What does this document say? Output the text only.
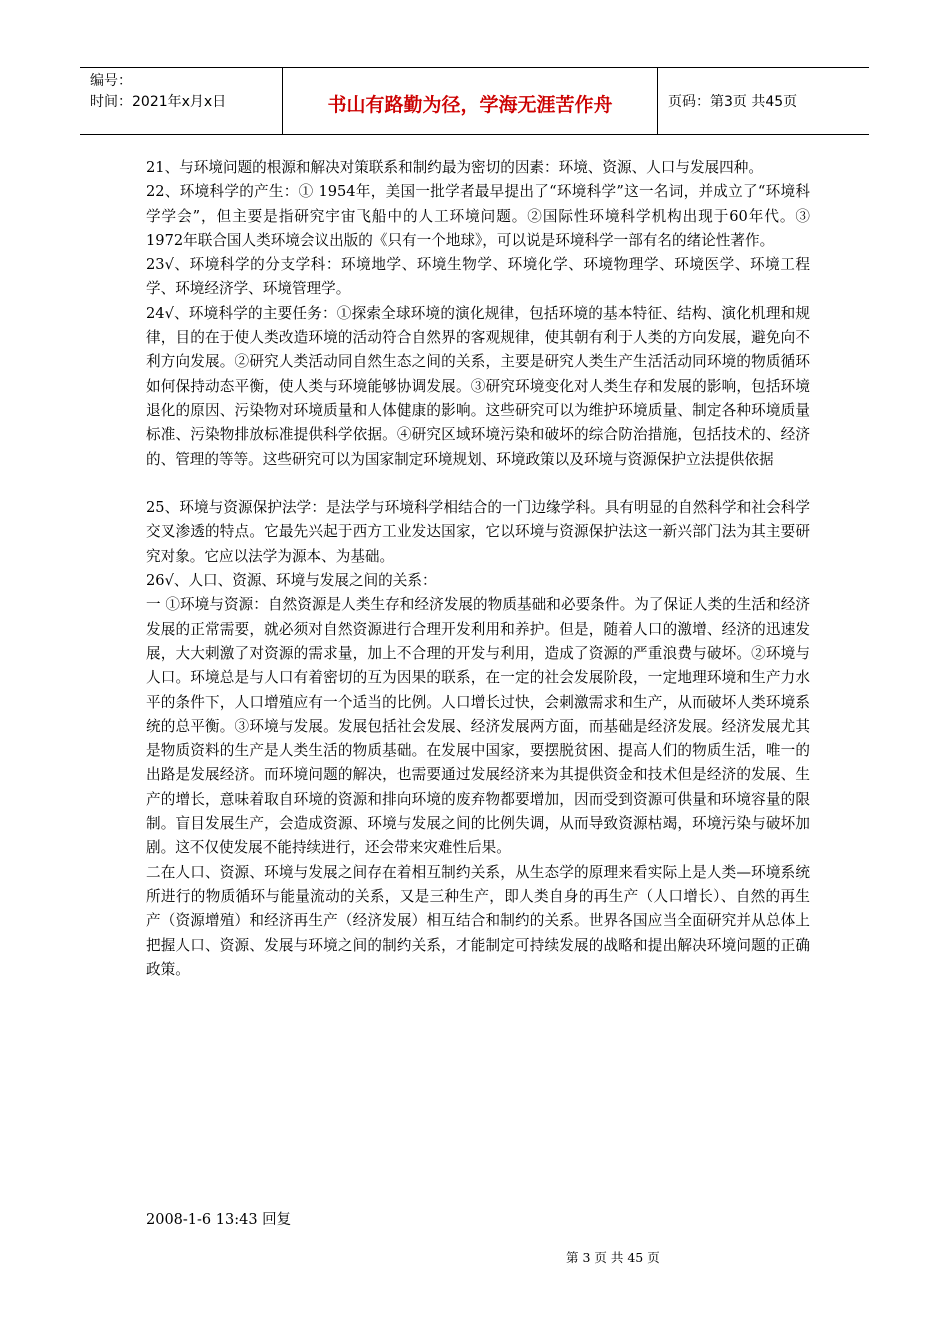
编号：
时间：2021年x月x日	书山有路勤为径，学海无涯苦作舟	页码：第3页 共45页

21、与环境问题的根源和解决对策联系和制约最为密切的因素：环境、资源、人口与发展四种。

22、环境科学的产生：① 1954年，美国一批学者最早提出了“环境科学”这一名词，并成立了“环境科学学会”，但主要是指研究宇宙飞船中的人工环境问题。②国际性环境科学机构出现于60年代。③ 1972年联合国人类环境会议出版的《只有一个地球》，可以说是环境科学一部有名的绪论性著作。

23√、环境科学的分支学科：环境地学、环境生物学、环境化学、环境物理学、环境医学、环境工程学、环境经济学、环境管理学。

24√、环境科学的主要任务：①探索全球环境的演化规律，包括环境的基本特征、结构、演化机理和规律，目的在于使人类改造环境的活动符合自然界的客观规律，使其朝有利于人类的方向发展，避免向不利方向发展。②研究人类活动同自然生态之间的关系，主要是研究人类生产生活活动同环境的物质循环如何保持动态平衡，使人类与环境能够协调发展。③研究环境变化对人类生存和发展的影响，包括环境退化的原因、污染物对环境质量和人体健康的影响。这些研究可以为维护环境质量、制定各种环境质量标准、污染物排放标准提供科学依据。④研究区域环境污染和破坏的综合防治措施，包括技术的、经济的、管理的等等。这些研究可以为国家制定环境规划、环境政策以及环境与资源保护立法提供依据

25、环境与资源保护法学：是法学与环境科学相结合的一门边缘学科。具有明显的自然科学和社会科学交叉渗透的特点。它最先兴起于西方工业发达国家，它以环境与资源保护法这一新兴部门法为其主要研究对象。它应以法学为源本、为基础。

26√、人口、资源、环境与发展之间的关系：

一 ①环境与资源：自然资源是人类生存和经济发展的物质基础和必要条件。为了保证人类的生活和经济发展的正常需要，就必须对自然资源进行合理开发利用和养护。但是，随着人口的激增、经济的迅速发展，大大刺激了对资源的需求量，加上不合理的开发与利用，造成了资源的严重浪费与破坏。②环境与人口。环境总是与人口有着密切的互为因果的联系，在一定的社会发展阶段，一定地理环境和生产力水平的条件下，人口增殖应有一个适当的比例。人口增长过快，会刺激需求和生产，从而破坏人类环境系统的总平衡。③环境与发展。发展包括社会发展、经济发展两方面，而基础是经济发展。经济发展尤其是物质资料的生产是人类生活的物质基础。在发展中国家，要摆脱贫困、提高人们的物质生活，唯一的出路是发展经济。而环境问题的解决，也需要通过发展经济来为其提供资金和技术但是经济的发展、生产的增长，意味着取自环境的资源和排向环境的废弃物都要增加，因而受到资源可供量和环境容量的限制。盲目发展生产，会造成资源、环境与发展之间的比例失调，从而导致资源枯竭，环境污染与破坏加剧。这不仅使发展不能持续进行，还会带来灾难性后果。

二在人口、资源、环境与发展之间存在着相互制约关系，从生态学的原理来看实际上是人类—环境系统所进行的物质循环与能量流动的关系，又是三种生产，即人类自身的再生产（人口增长）、自然的再生产（资源增殖）和经济再生产（经济发展）相互结合和制约的关系。世界各国应当全面研究并从总体上把握人口、资源、发展与环境之间的制约关系，才能制定可持续发展的战略和提出解决环境问题的正确政策。

2008-1-6 13:43 回复
第 3 页 共 45 页
